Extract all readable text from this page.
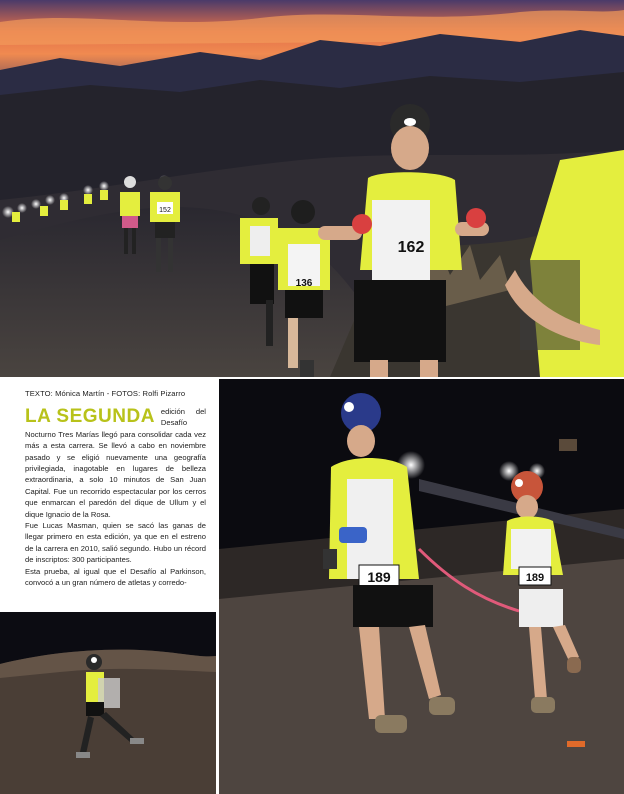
152
136
162
TEXTO: Mónica Martín - FOTOS: Rolfi Pizarro
LA SEGUNDA edición del Desafío Nocturno Tres Marías llegó para consolidar cada vez más a esta carrera. Se llevó a cabo en noviembre pasado y se eligió nuevamente una geografía privilegiada, inagotable en lugares de belleza extraordinaria, a solo 10 minutos de San Juan Capital. Fue un recorrido espectacular por los cerros que enmarcan el paredón del dique de Ullum y el dique Ignacio de la Rosa.

Fue Lucas Masman, quien se sacó las ganas de llegar primero en esta edición, ya que en el estreno de la carrera en 2010, salió segundo. Hubo un récord de inscriptos: 300 participantes.

Esta prueba, al igual que el Desafío al Parkinson, convocó a un gran número de atletas y corredo-	189	189
